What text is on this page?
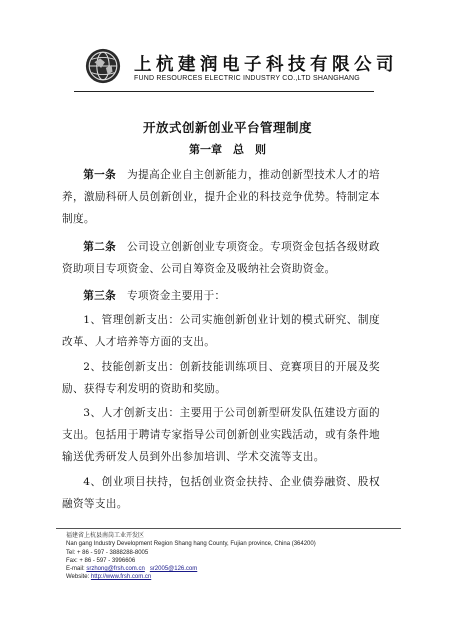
上杭建润电子科技有限公司
FUND RESOURCES ELECTRIC INDUSTRY CO.,LTD SHANGHANG
开放式创新创业平台管理制度
第一章　总　则

第一条　为提高企业自主创新能力，推动创新型技术人才的培养，激励科研人员创新创业，提升企业的科技竞争优势。特制定本制度。

第二条　公司设立创新创业专项资金。专项资金包括各级财政资助项目专项资金、公司自筹资金及吸纳社会资助资金。

第三条　专项资金主要用于：

1、管理创新支出：公司实施创新创业计划的模式研究、制度改革、人才培养等方面的支出。

2、技能创新支出：创新技能训练项目、竞赛项目的开展及奖励、获得专利发明的资助和奖励。

3、人才创新支出：主要用于公司创新型研发队伍建设方面的支出。包括用于聘请专家指导公司创新创业实践活动，或有条件地输送优秀研发人员到外出参加培训、学术交流等支出。

4、创业项目扶持，包括创业资金扶持、企业债券融资、股权融资等支出。

福建省上杭县南岗工业开发区
Nan gang Industry Development Region Shang hang County, Fujian province, China (364200)
Tel: + 86 - 597 - 3888288-8005
Fax: + 86 - 597 - 3996606
E-mail: srzhong@frsh.com.cn sr2005@126.com
Website: http://www.frsh.com.cn
